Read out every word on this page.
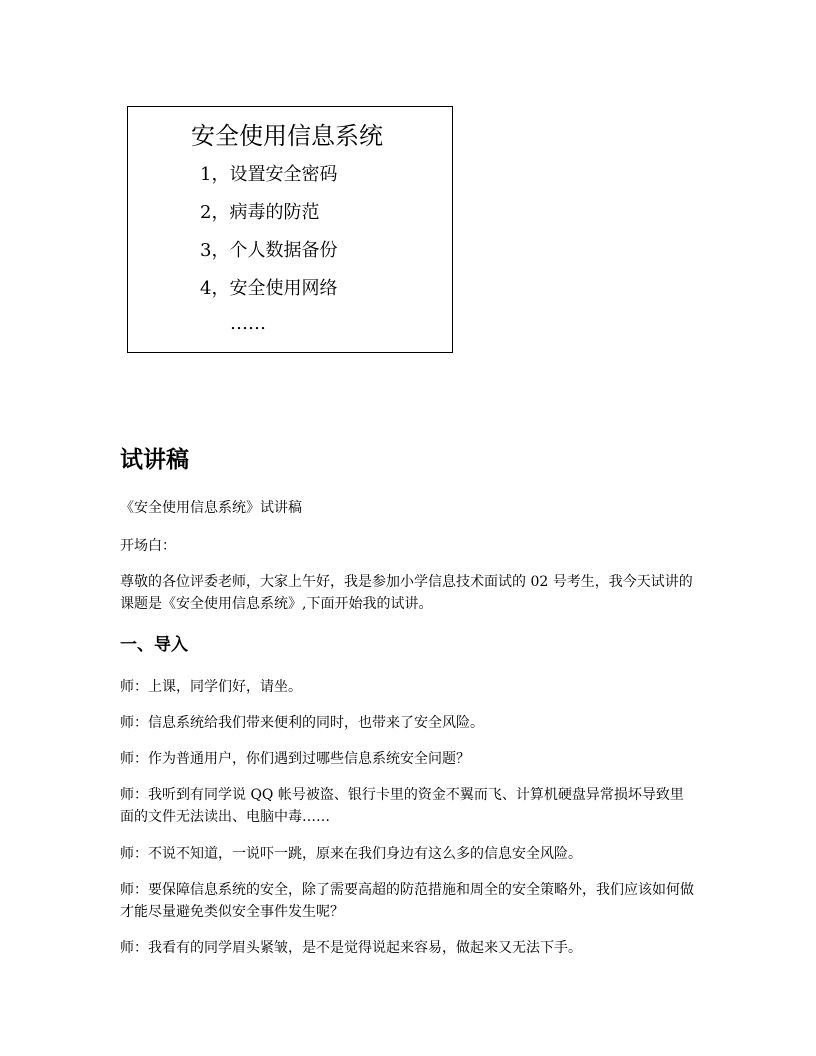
安全使用信息系统
1，设置安全密码
2，病毒的防范
3，个人数据备份
4，安全使用网络
……
试讲稿

《安全使用信息系统》试讲稿

开场白：

尊敬的各位评委老师，大家上午好，我是参加小学信息技术面试的 02 号考生，我今天试讲的课题是《安全使用信息系统》,下面开始我的试讲。

一、导入

师：上课，同学们好，请坐。

师：信息系统给我们带来便利的同时，也带来了安全风险。

师：作为普通用户，你们遇到过哪些信息系统安全问题？

师：我听到有同学说 QQ 帐号被盗、银行卡里的资金不翼而飞、计算机硬盘异常损坏导致里面的文件无法读出、电脑中毒……

师：不说不知道，一说吓一跳，原来在我们身边有这么多的信息安全风险。

师：要保障信息系统的安全，除了需要高超的防范措施和周全的安全策略外，我们应该如何做才能尽量避免类似安全事件发生呢？

师：我看有的同学眉头紧皱，是不是觉得说起来容易，做起来又无法下手。
